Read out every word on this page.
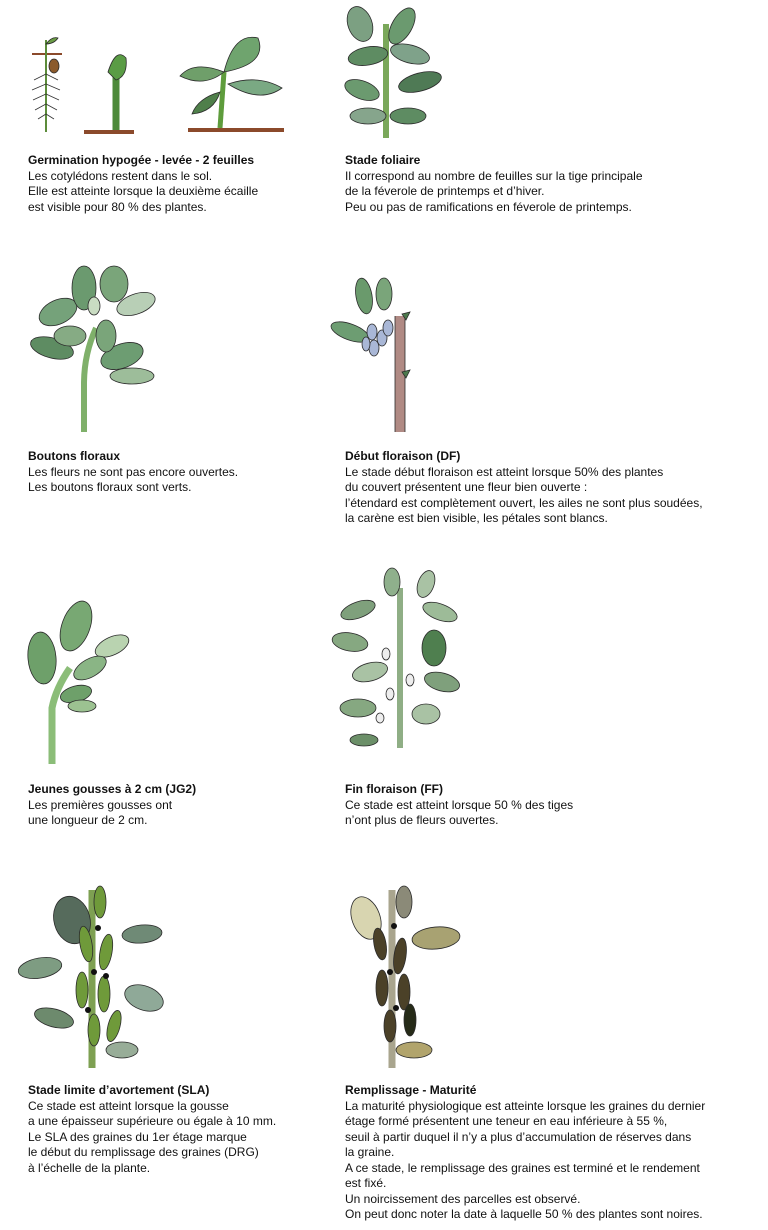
Germination hypogée - levée - 2 feuilles
Les cotylédons restent dans le sol.
Elle est atteinte lorsque la deuxième écaille
est visible pour 80 % des plantes.
Stade foliaire
Il correspond au nombre de feuilles sur la tige principale
de la féverole de printemps et d’hiver.
Peu ou pas de ramifications en féverole de printemps.
Boutons floraux
Les fleurs ne sont pas encore ouvertes.
Les boutons floraux sont verts.
Début floraison (DF)
Le stade début floraison est atteint lorsque 50% des plantes
du couvert présentent une fleur bien ouverte :
l’étendard est complètement ouvert, les ailes ne sont plus soudées,
la carène est bien visible, les pétales sont blancs.
Jeunes gousses à 2 cm (JG2)
Les premières gousses ont
une longueur de 2 cm.
Fin floraison (FF)
Ce stade est atteint lorsque 50 % des tiges
n’ont plus de fleurs ouvertes.
Stade limite d’avortement (SLA)
Ce stade est atteint lorsque la gousse
a une épaisseur supérieure ou égale à 10 mm.
Le SLA des graines du 1er étage marque
le début du remplissage des graines (DRG)
à l’échelle de la plante.
Remplissage - Maturité
La maturité physiologique est atteinte lorsque les graines du dernier
étage formé présentent une teneur en eau inférieure à 55 %,
seuil à partir duquel il n’y a plus d’accumulation de réserves dans
la graine.
A ce stade, le remplissage des graines est terminé et le rendement
est fixé.
Un noircissement des parcelles est observé.
On peut donc noter la date à laquelle 50 % des plantes sont noires.
